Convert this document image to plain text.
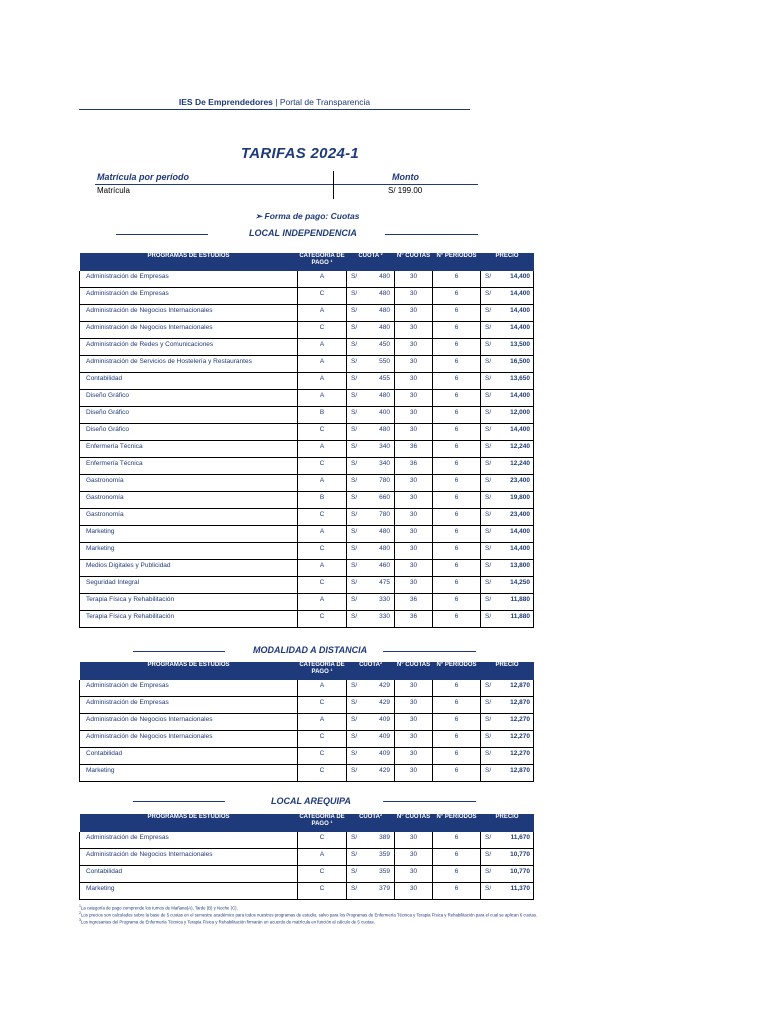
IES De Emprendedores | Portal de Transparencia
TARIFAS 2024-1
Matrícula por período	Monto
Matrícula	S/ 199.00
➢ Forma de pago: Cuotas
LOCAL INDEPENDENCIA
PROGRAMAS DE ESTUDIOS	CATEGORIA DE PAGO ¹	CUOTA ²		N° CUOTAS	N° PERIODOS	PRECIO	
Administración de Empresas	A	S/	480	30	6	S/	14,400
Administración de Empresas	C	S/	480	30	6	S/	14,400
Administración de Negocios Internacionales	A	S/	480	30	6	S/	14,400
Administración de Negocios Internacionales	C	S/	480	30	6	S/	14,400
Administración de Redes y Comunicaciones	A	S/	450	30	6	S/	13,500
Administración de Servicios de Hostelería y Restaurantes	A	S/	550	30	6	S/	16,500
Contabilidad	A	S/	455	30	6	S/	13,650
Diseño Gráfico	A	S/	480	30	6	S/	14,400
Diseño Gráfico	B	S/	400	30	6	S/	12,000
Diseño Gráfico	C	S/	480	30	6	S/	14,400
Enfermería Técnica	A	S/	340	36	6	S/	12,240
Enfermería Técnica	C	S/	340	36	6	S/	12,240
Gastronomía	A	S/	780	30	6	S/	23,400
Gastronomía	B	S/	660	30	6	S/	19,800
Gastronomía	C	S/	780	30	6	S/	23,400
Marketing	A	S/	480	30	6	S/	14,400
Marketing	C	S/	480	30	6	S/	14,400
Medios Digitales y Publicidad	A	S/	460	30	6	S/	13,800
Seguridad Integral	C	S/	475	30	6	S/	14,250
Terapia Física y Rehabilitación	A	S/	330	36	6	S/	11,880
Terapia Física y Rehabilitación	C	S/	330	36	6	S/	11,880
MODALIDAD A DISTANCIA
PROGRAMAS DE ESTUDIOS	CATEGORIA DE PAGO ¹	CUOTA²		N° CUOTAS	N° PERIODOS	PRECIO	
Administración de Empresas	A	S/	429	30	6	S/	12,870
Administración de Empresas	C	S/	429	30	6	S/	12,870
Administración de Negocios Internacionales	A	S/	409	30	6	S/	12,270
Administración de Negocios Internacionales	C	S/	409	30	6	S/	12,270
Contabilidad	C	S/	409	30	6	S/	12,270
Marketing	C	S/	429	30	6	S/	12,870
LOCAL AREQUIPA
PROGRAMAS DE ESTUDIOS	CATEGORIA DE PAGO ¹	CUOTA²		N° CUOTAS	N° PERIODOS	PRECIO	
Administración de Empresas	C	S/	389	30	6	S/	11,670
Administración de Negocios Internacionales	A	S/	359	30	6	S/	10,770
Contabilidad	C	S/	359	30	6	S/	10,770
Marketing	C	S/	379	30	6	S/	11,370
$^1$La categoría de pago comprende los turnos de Mañana(A), Tarde (B) y Noche (C).
$^2$Los precios son calculados sobre la base de 5 cuotas en el semestre académico para todos nuestros programas de estudio, salvo para los Programas de Enfermería Técnica y Terapia Física y Rehabilitación para el cual se aplican 6 cuotas.
$^3$Los ingresantes del Programa de Enfermería Técnica y Terapia Física y Rehabilitación firmarán un acuerdo de matrícula en función al cálculo de 5 cuotas.
